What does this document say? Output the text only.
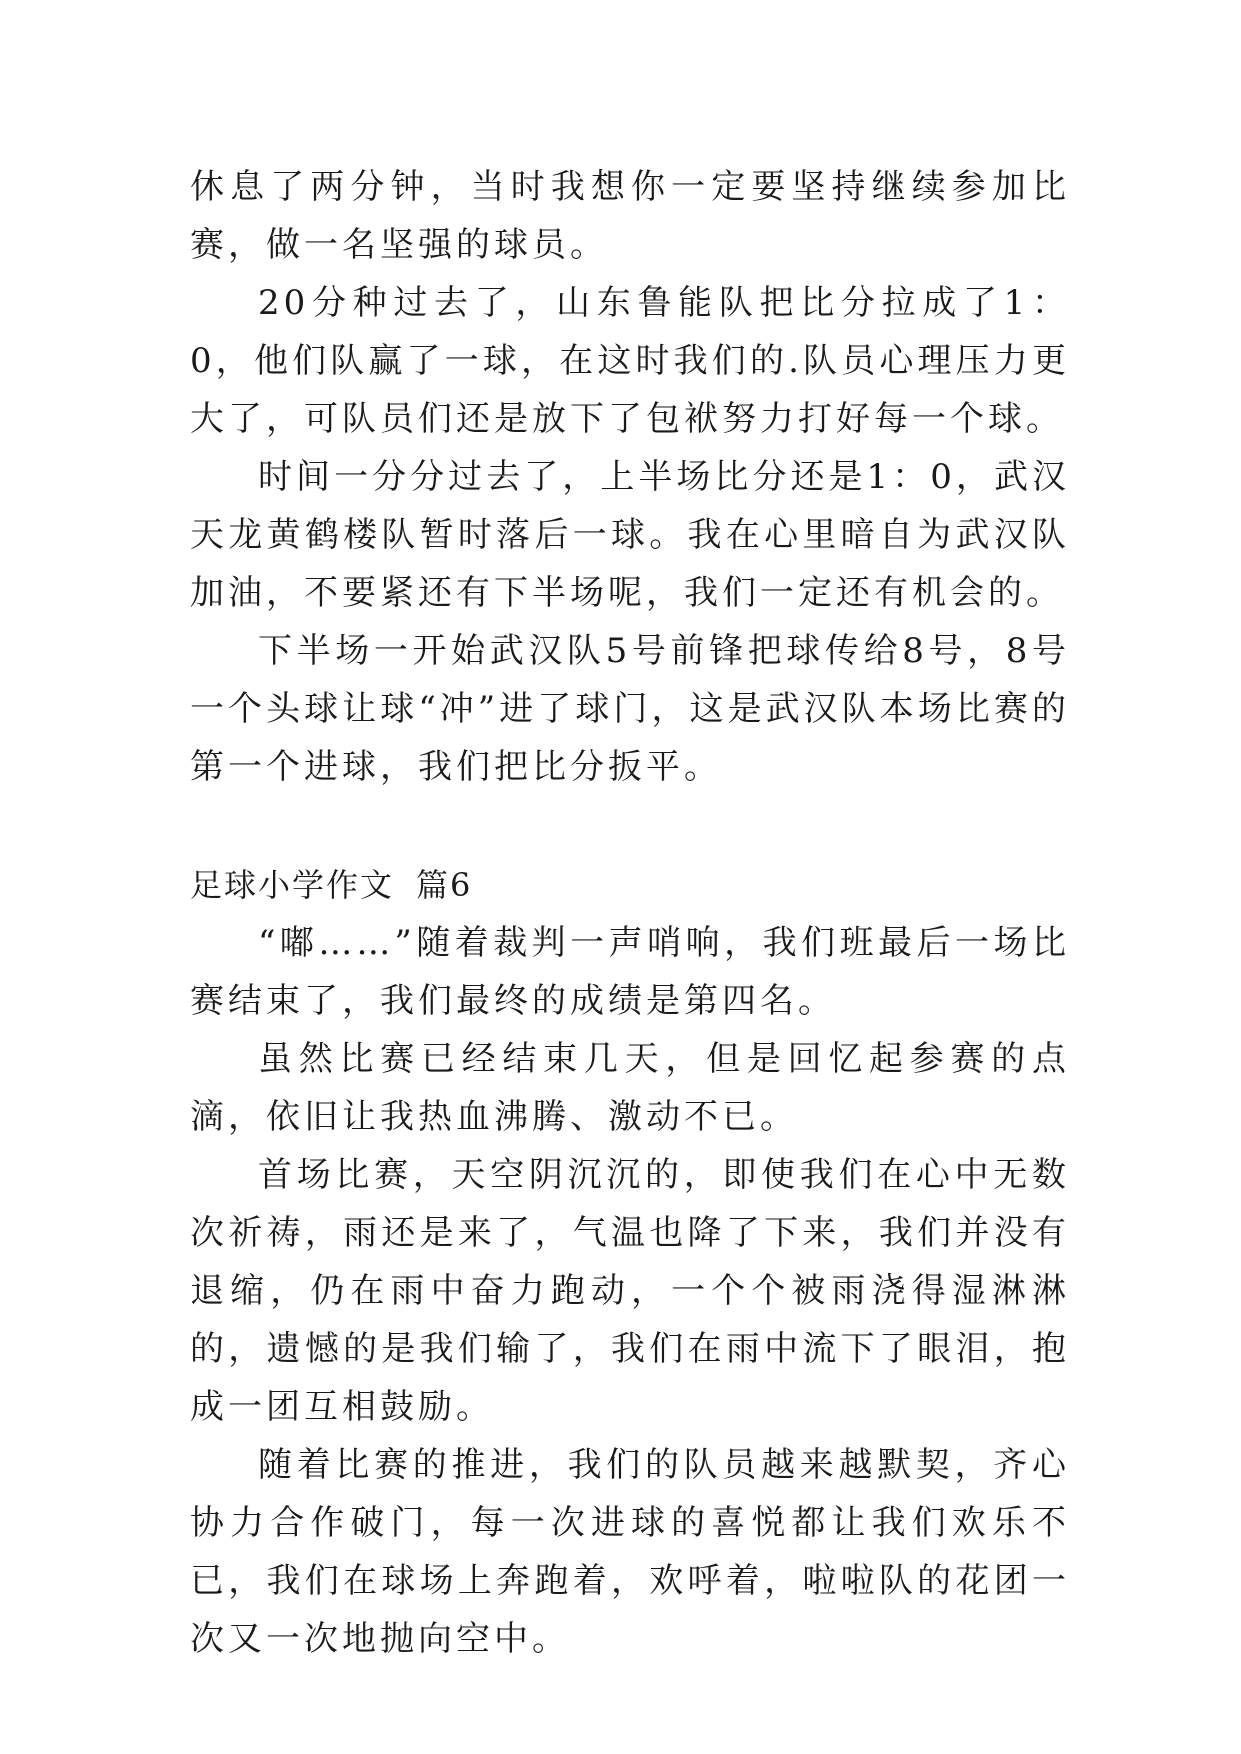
休息了两分钟，当时我想你一定要坚持继续参加比赛，做一名坚强的球员。

20分种过去了，山东鲁能队把比分拉成了1：0，他们队赢了一球，在这时我们的.队员心理压力更大了，可队员们还是放下了包袱努力打好每一个球。

时间一分分过去了，上半场比分还是1：0，武汉天龙黄鹤楼队暂时落后一球。我在心里暗自为武汉队加油，不要紧还有下半场呢，我们一定还有机会的。

下半场一开始武汉队5号前锋把球传给8号，8号一个头球让球“冲”进了球门，这是武汉队本场比赛的第一个进球，我们把比分扳平。

足球小学作文 篇6

“嘟……”随着裁判一声哨响，我们班最后一场比赛结束了，我们最终的成绩是第四名。

虽然比赛已经结束几天，但是回忆起参赛的点滴，依旧让我热血沸腾、激动不已。

首场比赛，天空阴沉沉的，即使我们在心中无数次祈祷，雨还是来了，气温也降了下来，我们并没有退缩，仍在雨中奋力跑动，一个个被雨浇得湿淋淋的，遗憾的是我们输了，我们在雨中流下了眼泪，抱成一团互相鼓励。

随着比赛的推进，我们的队员越来越默契，齐心协力合作破门，每一次进球的喜悦都让我们欢乐不已，我们在球场上奔跑着，欢呼着，啦啦队的花团一次又一次地抛向空中。
